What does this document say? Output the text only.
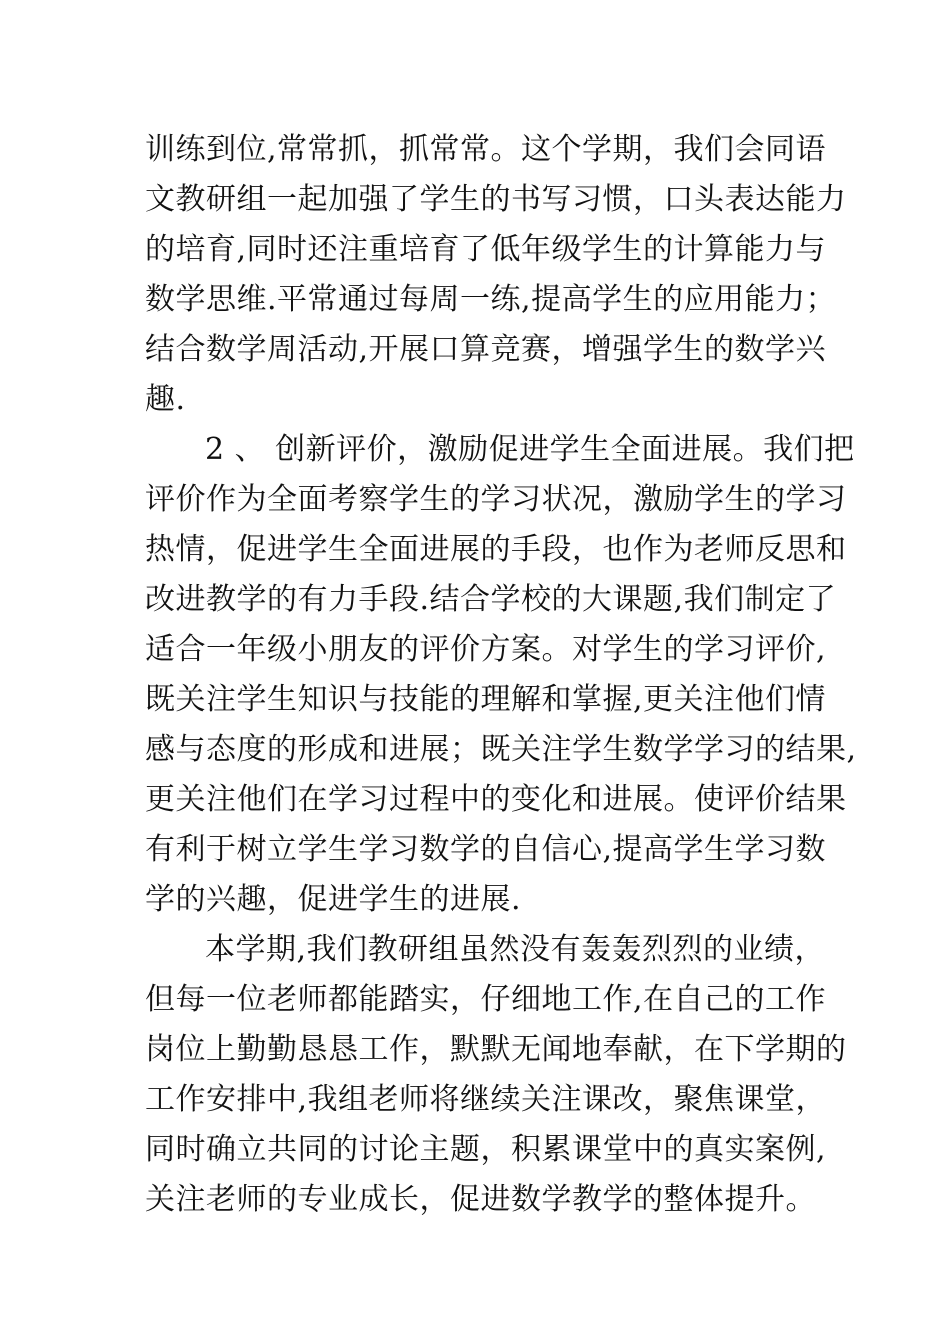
训练到位,常常抓，抓常常。这个学期，我们会同语
文教研组一起加强了学生的书写习惯，口头表达能力
的培育,同时还注重培育了低年级学生的计算能力与
数学思维.平常通过每周一练,提高学生的应用能力；
结合数学周活动,开展口算竞赛，增强学生的数学兴
趣.
2 、 创新评价，激励促进学生全面进展。我们把
评价作为全面考察学生的学习状况，激励学生的学习
热情，促进学生全面进展的手段，也作为老师反思和
改进教学的有力手段.结合学校的大课题,我们制定了
适合一年级小朋友的评价方案。对学生的学习评价,
既关注学生知识与技能的理解和掌握,更关注他们情
感与态度的形成和进展；既关注学生数学学习的结果,
更关注他们在学习过程中的变化和进展。使评价结果
有利于树立学生学习数学的自信心,提高学生学习数
学的兴趣，促进学生的进展.
本学期,我们教研组虽然没有轰轰烈烈的业绩，
但每一位老师都能踏实，仔细地工作,在自己的工作
岗位上勤勤恳恳工作，默默无闻地奉献，在下学期的
工作安排中,我组老师将继续关注课改，聚焦课堂，
同时确立共同的讨论主题，积累课堂中的真实案例,
关注老师的专业成长，促进数学教学的整体提升。
